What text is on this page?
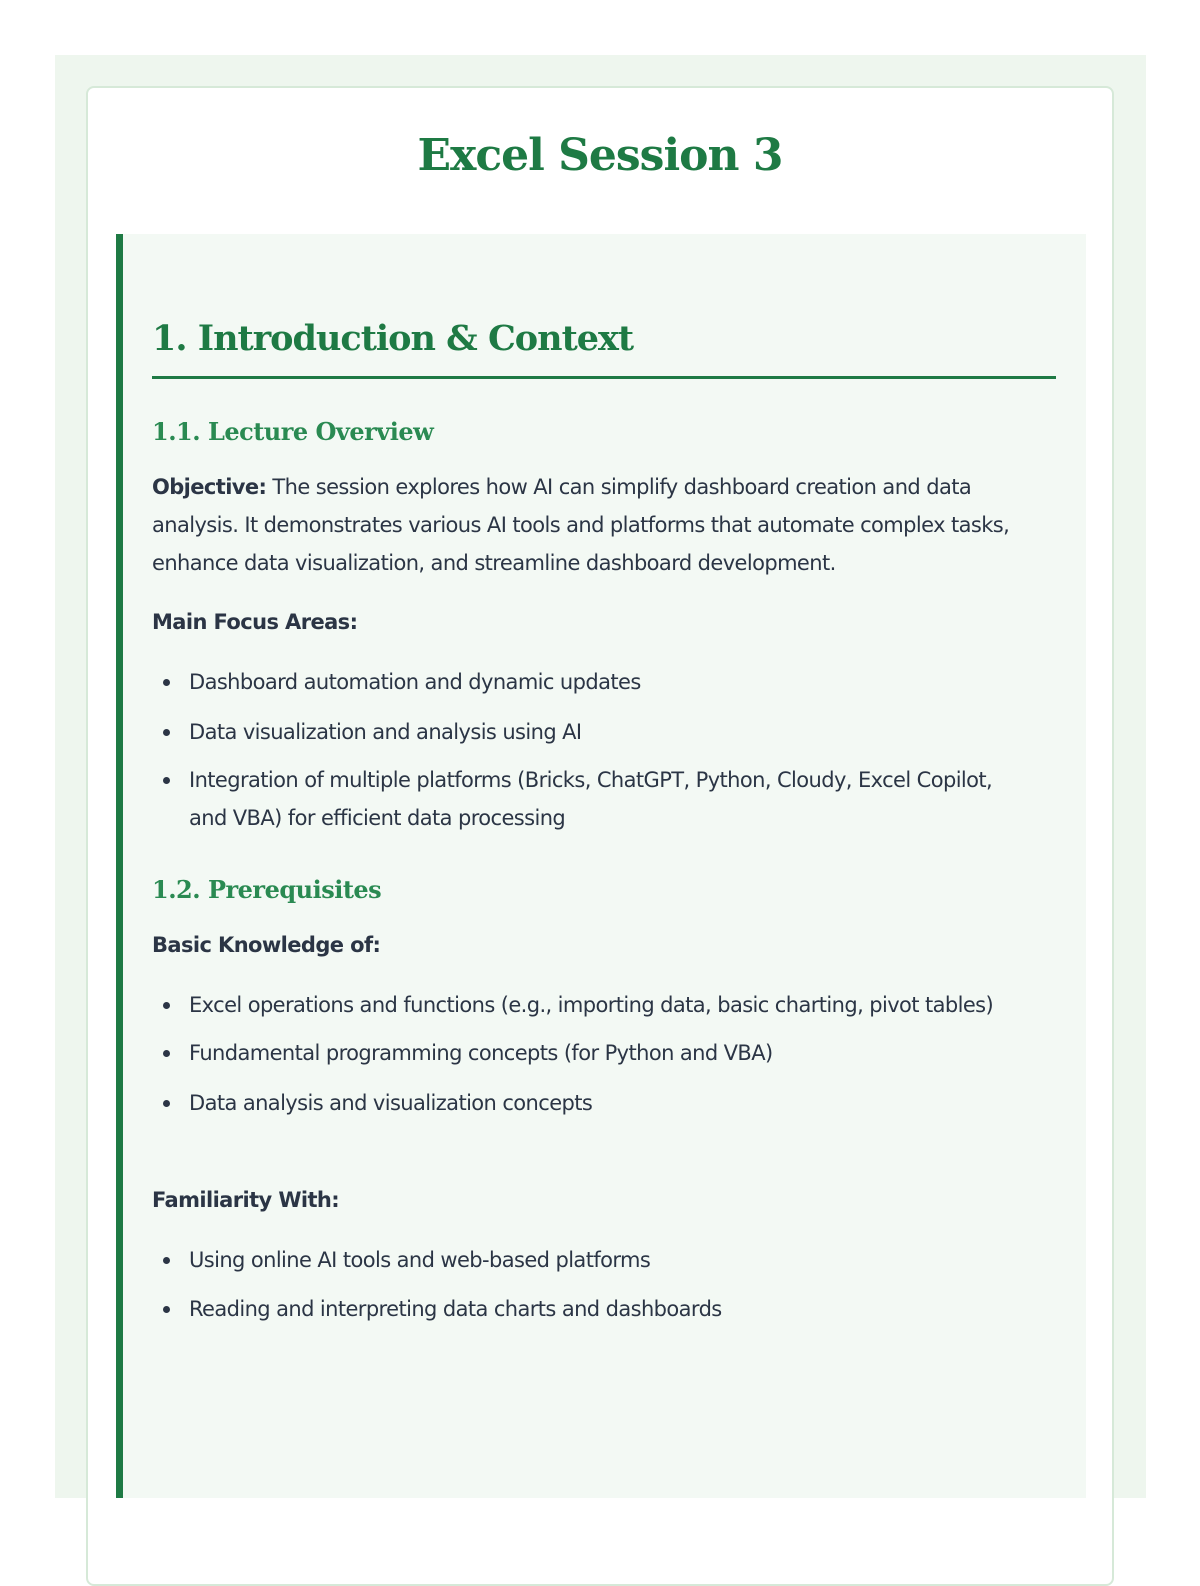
Excel Session 3
1. Introduction & Context
1.1. Lecture Overview

Objective: The session explores how AI can simplify dashboard creation and data analysis. It demonstrates various AI tools and platforms that automate complex tasks, enhance data visualization, and streamline dashboard development.

Main Focus Areas:

Dashboard automation and dynamic updates
Data visualization and analysis using AI
Integration of multiple platforms (Bricks, ChatGPT, Python, Cloudy, Excel Copilot, and VBA) for efficient data processing
1.2. Prerequisites

Basic Knowledge of:

Excel operations and functions (e.g., importing data, basic charting, pivot tables)
Fundamental programming concepts (for Python and VBA)
Data analysis and visualization concepts

Familiarity With:

Using online AI tools and web-based platforms
Reading and interpreting data charts and dashboards
